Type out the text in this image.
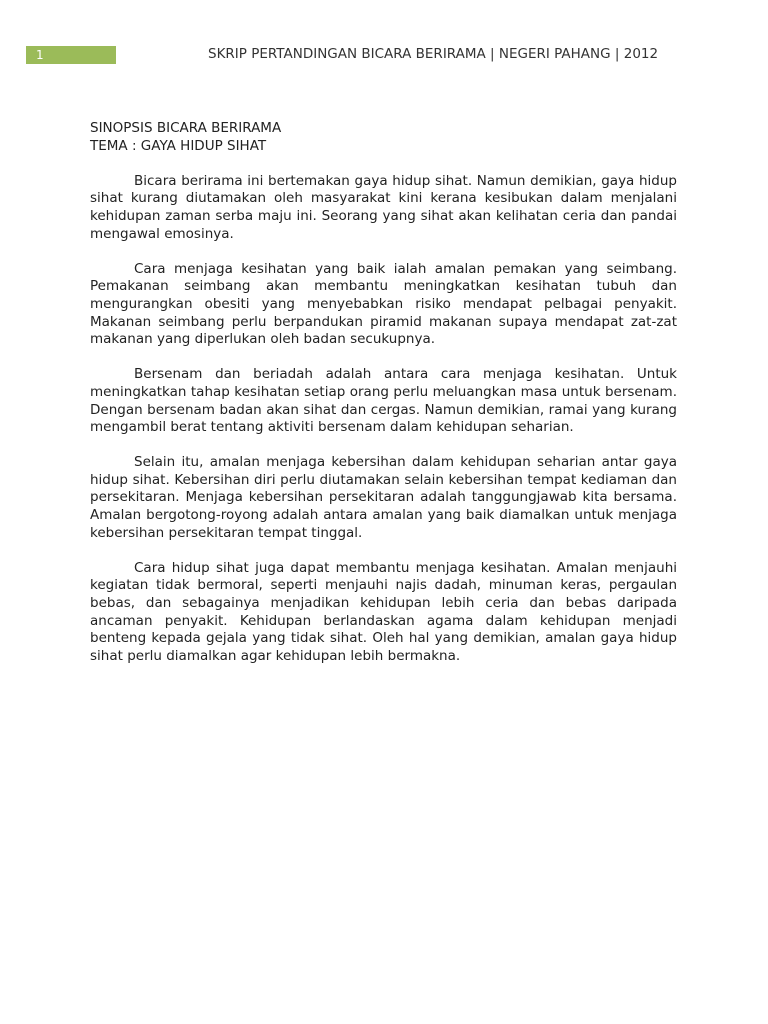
1	SKRIP PERTANDINGAN BICARA BERIRAMA | NEGERI PAHANG | 2012

SINOPSIS BICARA BERIRAMA

TEMA : GAYA HIDUP SIHAT

Bicara berirama ini bertemakan gaya hidup sihat. Namun demikian, gaya hidup sihat kurang diutamakan oleh masyarakat kini kerana kesibukan dalam menjalani kehidupan zaman serba maju ini. Seorang yang sihat akan kelihatan ceria dan pandai mengawal emosinya.

Cara menjaga kesihatan yang baik ialah amalan pemakan yang seimbang. Pemakanan seimbang akan membantu meningkatkan kesihatan tubuh dan mengurangkan obesiti yang menyebabkan risiko mendapat pelbagai penyakit. Makanan seimbang perlu berpandukan piramid makanan supaya mendapat zat-zat makanan yang diperlukan oleh badan secukupnya.

Bersenam dan beriadah adalah antara cara menjaga kesihatan. Untuk meningkatkan tahap kesihatan setiap orang perlu meluangkan masa untuk bersenam. Dengan bersenam badan akan sihat dan cergas. Namun demikian, ramai yang kurang mengambil berat tentang aktiviti bersenam dalam kehidupan seharian.

Selain itu, amalan menjaga kebersihan dalam kehidupan seharian antar gaya hidup sihat. Kebersihan diri perlu diutamakan selain kebersihan tempat kediaman dan persekitaran. Menjaga kebersihan persekitaran adalah tanggungjawab kita bersama. Amalan bergotong-royong adalah antara amalan yang baik diamalkan untuk menjaga kebersihan persekitaran tempat tinggal.

Cara hidup sihat juga dapat membantu menjaga kesihatan. Amalan menjauhi kegiatan tidak bermoral, seperti menjauhi najis dadah, minuman keras, pergaulan bebas, dan sebagainya menjadikan kehidupan lebih ceria dan bebas daripada ancaman penyakit. Kehidupan berlandaskan agama dalam kehidupan menjadi benteng kepada gejala yang tidak sihat. Oleh hal yang demikian, amalan gaya hidup sihat perlu diamalkan agar kehidupan lebih bermakna.
